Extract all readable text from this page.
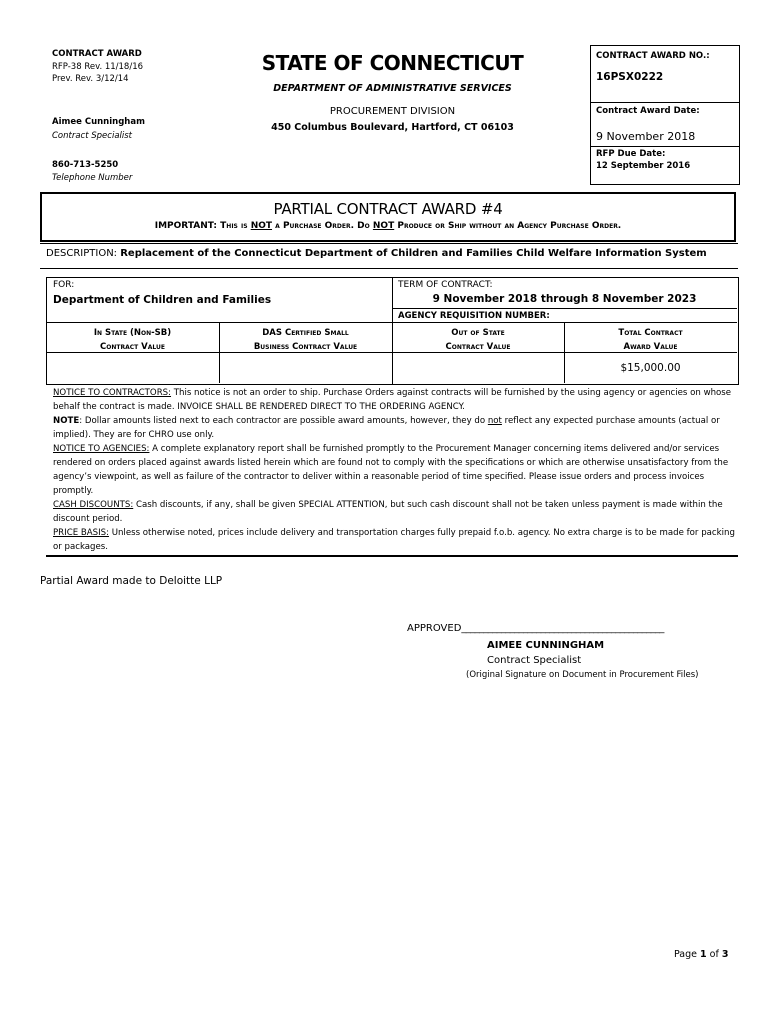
CONTRACT AWARD
RFP-38 Rev. 11/18/16
Prev. Rev. 3/12/14
Aimee Cunningham
Contract Specialist
860-713-5250
Telephone Number
STATE OF CONNECTICUT
DEPARTMENT OF ADMINISTRATIVE SERVICES
PROCUREMENT DIVISION
450 Columbus Boulevard, Hartford, CT 06103
CONTRACT AWARD NO.:
16PSX0222
Contract Award Date:
9 November 2018
RFP Due Date:
12 September 2016
PARTIAL CONTRACT AWARD #4
IMPORTANT: This is NOT a Purchase Order. Do NOT Produce or Ship without an Agency Purchase Order.
DESCRIPTION: Replacement of the Connecticut Department of Children and Families Child Welfare Information System
FOR:
Department of Children and Families
TERM OF CONTRACT:
9 November 2018 through 8 November 2023
AGENCY REQUISITION NUMBER:
In State (Non-SB)
Contract Value
DAS Certified Small
Business Contract Value
Out of State
Contract Value
Total Contract
Award Value
$15,000.00
NOTICE TO CONTRACTORS: This notice is not an order to ship. Purchase Orders against contracts will be furnished by the using agency or agencies on whose behalf the contract is made. INVOICE SHALL BE RENDERED DIRECT TO THE ORDERING AGENCY.
NOTE: Dollar amounts listed next to each contractor are possible award amounts, however, they do not reflect any expected purchase amounts (actual or implied). They are for CHRO use only.
NOTICE TO AGENCIES: A complete explanatory report shall be furnished promptly to the Procurement Manager concerning items delivered and/or services rendered on orders placed against awards listed herein which are found not to comply with the specifications or which are otherwise unsatisfactory from the agency’s viewpoint, as well as failure of the contractor to deliver within a reasonable period of time specified. Please issue orders and process invoices promptly.
CASH DISCOUNTS: Cash discounts, if any, shall be given SPECIAL ATTENTION, but such cash discount shall not be taken unless payment is made within the discount period.
PRICE BASIS: Unless otherwise noted, prices include delivery and transportation charges fully prepaid f.o.b. agency. No extra charge is to be made for packing or packages.
Partial Award made to Deloitte LLP
APPROVED______________________________________________
AIMEE CUNNINGHAM
Contract Specialist
(Original Signature on Document in Procurement Files)
Page 1 of 3
